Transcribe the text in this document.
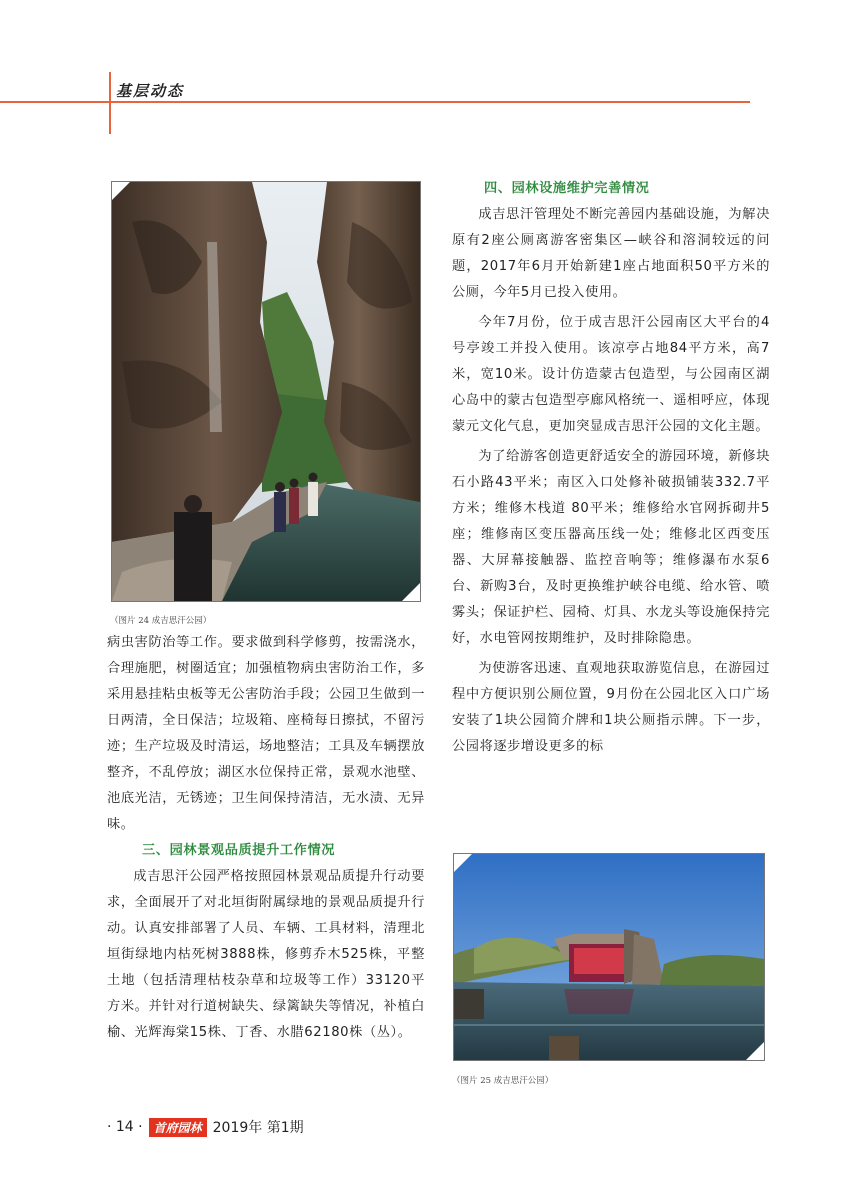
基层动态
（图片 24 成吉思汗公园）

病虫害防治等工作。要求做到科学修剪，按需浇水，合理施肥，树圈适宜；加强植物病虫害防治工作，多采用悬挂粘虫板等无公害防治手段；公园卫生做到一日两清，全日保洁；垃圾箱、座椅每日擦拭，不留污迹；生产垃圾及时清运，场地整洁；工具及车辆摆放整齐，不乱停放；湖区水位保持正常，景观水池壁、池底光洁，无锈迹；卫生间保持清洁，无水渍、无异味。

三、园林景观品质提升工作情况

成吉思汗公园严格按照园林景观品质提升行动要求，全面展开了对北垣街附属绿地的景观品质提升行动。认真安排部署了人员、车辆、工具材料，清理北垣街绿地内枯死树3888株，修剪乔木525株，平整土地（包括清理枯枝杂草和垃圾等工作）33120平方米。并针对行道树缺失、绿篱缺失等情况，补植白榆、光辉海棠15株、丁香、水腊62180株（丛）。

四、园林设施维护完善情况

成吉思汗管理处不断完善园内基础设施，为解决原有2座公厕离游客密集区—峡谷和溶洞较远的问题，2017年6月开始新建1座占地面积50平方米的公厕，今年5月已投入使用。

今年7月份，位于成吉思汗公园南区大平台的4号亭竣工并投入使用。该凉亭占地84平方米，高7米，宽10米。设计仿造蒙古包造型，与公园南区湖心岛中的蒙古包造型亭廊风格统一、遥相呼应，体现蒙元文化气息，更加突显成吉思汗公园的文化主题。

为了给游客创造更舒适安全的游园环境，新修块石小路43平米；南区入口处修补破损铺装332.7平方米；维修木栈道 80平米；维修给水官网拆砌井5座；维修南区变压器高压线一处；维修北区西变压器、大屏幕接触器、监控音响等；维修瀑布水泵6台、新购3台，及时更换维护峡谷电缆、给水管、喷雾头；保证护栏、园椅、灯具、水龙头等设施保持完好，水电管网按期维护，及时排除隐患。

为使游客迅速、直观地获取游览信息，在游园过程中方便识别公厕位置，9月份在公园北区入口广场安装了1块公园简介牌和1块公厕指示牌。下一步，公园将逐步增设更多的标

（图片 25 成吉思汗公园）
· 14 · 首府园林 2019年 第1期
